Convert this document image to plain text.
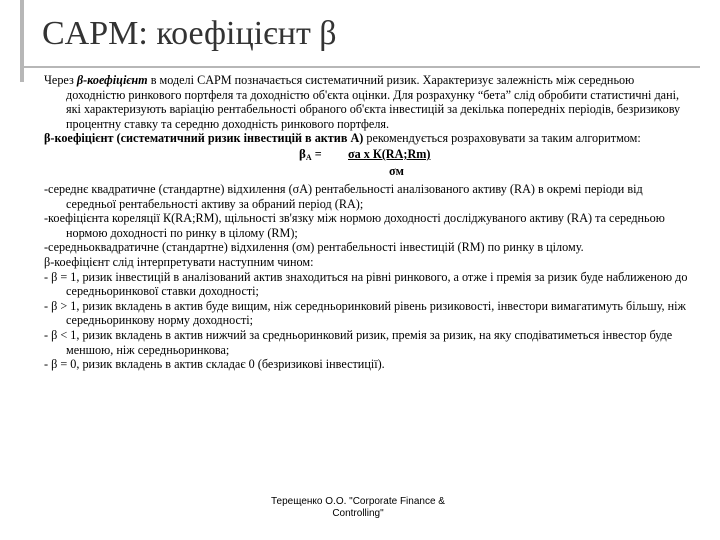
CAPM: коефіцієнт β

Через β-коефіцієнт в моделі CAPM позначається систематичний ризик. Характеризує залежність між середньою доходністю ринкового портфеля та доходністю об'єкта оцінки. Для розрахунку “бета” слід обробити статистичні дані, які характеризують варіацію рентабельності обраного об'єкта інвестицій за декілька попередніх періодів, безризикову процентну ставку та середню доходність ринкового портфеля.

β-коефіцієнт (систематичний ризик інвестицій в актив А) рекомендується розраховувати за таким алгоритмом:

$\beta_A = \sigma а$ x К(RA;Rm)
σм

-середнє квадратичне (стандартне) відхилення (σА) рентабельності аналізованого активу (RA) в окремі періоди від середньої рентабельності активу за обраний період (RA);

-коефіцієнта кореляції К(RA;RM), щільності зв'язку між нормою доходності досліджуваного активу (RA) та середньою нормою доходності по ринку в цілому (RM);

-середньоквадратичне (стандартне) відхилення (σм) рентабельності інвестицій (RM) по ринку в цілому.

β-коефіцієнт слід інтерпретувати наступним чином:

- β = 1, ризик інвестицій в аналізований актив знаходиться на рівні ринкового, а отже і премія за ризик буде наближеною до середньоринкової ставки доходності;

- β > 1, ризик вкладень в актив буде вищим, ніж середньоринковий рівень ризиковості, інвестори вимагатимуть більшу, ніж середньоринкову норму доходності;

- β < 1, ризик вкладень в актив нижчий за средньоринковий ризик, премія за ризик, на яку сподіватиметься інвестор буде меншою, ніж середньоринкова;

- β = 0, ризик вкладень в актив складає 0 (безризикові інвестиції).

Терещенко О.О. "Corporate Finance &
Controlling"
